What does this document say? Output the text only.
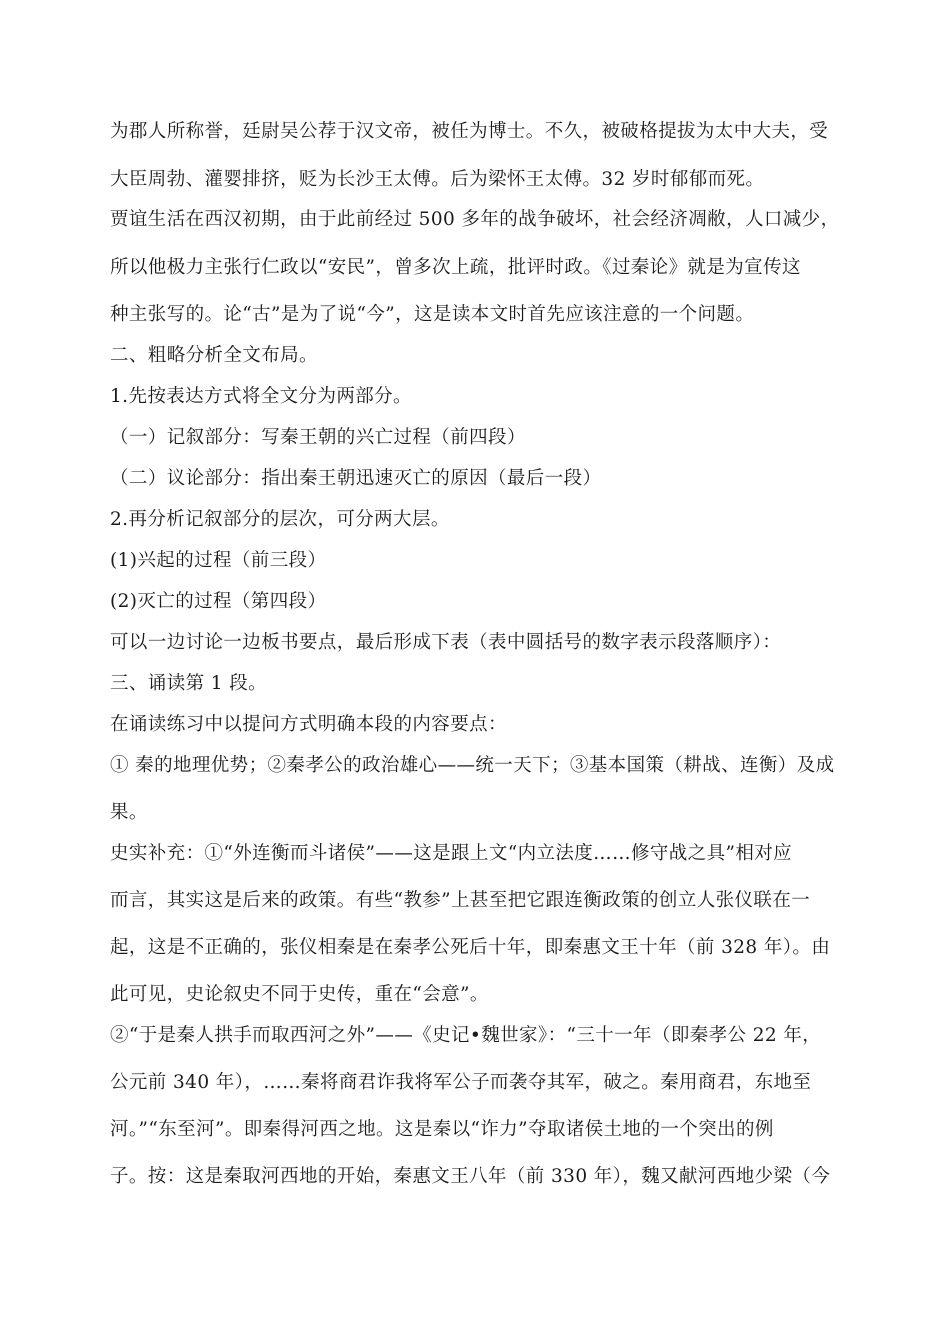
为郡人所称誉，廷尉吴公荐于汉文帝，被任为博士。不久，被破格提拔为太中大夫，受
大臣周勃、灌婴排挤，贬为长沙王太傅。后为梁怀王太傅。32 岁时郁郁而死。
贾谊生活在西汉初期，由于此前经过 500 多年的战争破坏，社会经济凋敝，人口减少，
所以他极力主张行仁政以“安民”，曾多次上疏，批评时政。《过秦论》就是为宣传这
种主张写的。论“古”是为了说“今”，这是读本文时首先应该注意的一个问题。
二、粗略分析全文布局。
1.先按表达方式将全文分为两部分。
（一）记叙部分：写秦王朝的兴亡过程（前四段）
（二）议论部分：指出秦王朝迅速灭亡的原因（最后一段）
2.再分析记叙部分的层次，可分两大层。
(1)兴起的过程（前三段）
(2)灭亡的过程（第四段）
可以一边讨论一边板书要点，最后形成下表（表中圆括号的数字表示段落顺序）：
三、诵读第 1 段。
在诵读练习中以提问方式明确本段的内容要点：
① 秦的地理优势；②秦孝公的政治雄心——统一天下；③基本国策（耕战、连衡）及成
果。
史实补充：①“外连衡而斗诸侯”——这是跟上文“内立法度……修守战之具”相对应
而言，其实这是后来的政策。有些“教参”上甚至把它跟连衡政策的创立人张仪联在一
起，这是不正确的，张仪相秦是在秦孝公死后十年，即秦惠文王十年（前 328 年）。由
此可见，史论叙史不同于史传，重在“会意”。
②“于是秦人拱手而取西河之外”——《史记•魏世家》：“三十一年（即秦孝公 22 年，
公元前 340 年），……秦将商君诈我将军公子而袭夺其军，破之。秦用商君，东地至
河。”“东至河”。即秦得河西之地。这是秦以“诈力”夺取诸侯土地的一个突出的例
子。按：这是秦取河西地的开始，秦惠文王八年（前 330 年），魏又献河西地少梁（今
